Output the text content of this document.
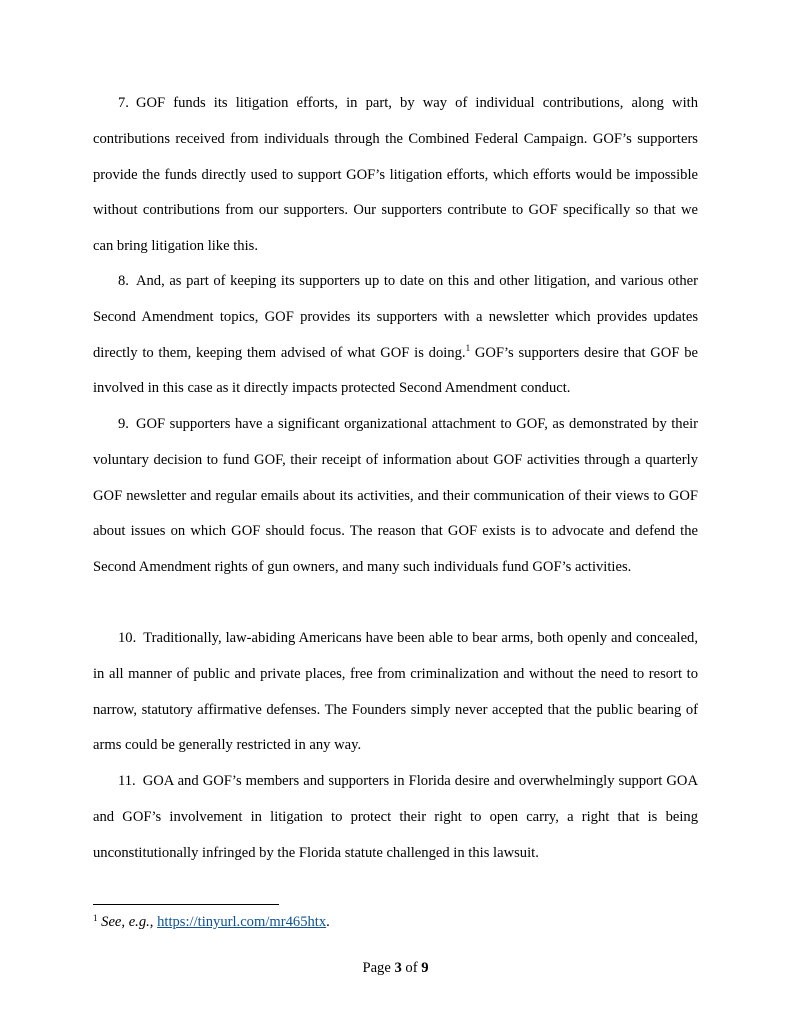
7. GOF funds its litigation efforts, in part, by way of individual contributions, along with contributions received from individuals through the Combined Federal Campaign. GOF’s supporters provide the funds directly used to support GOF’s litigation efforts, which efforts would be impossible without contributions from our supporters. Our supporters contribute to GOF specifically so that we can bring litigation like this.

8. And, as part of keeping its supporters up to date on this and other litigation, and various other Second Amendment topics, GOF provides its supporters with a newsletter which provides updates directly to them, keeping them advised of what GOF is doing.$^1$ GOF’s supporters desire that GOF be involved in this case as it directly impacts protected Second Amendment conduct.

9. GOF supporters have a significant organizational attachment to GOF, as demonstrated by their voluntary decision to fund GOF, their receipt of information about GOF activities through a quarterly GOF newsletter and regular emails about its activities, and their communication of their views to GOF about issues on which GOF should focus. The reason that GOF exists is to advocate and defend the Second Amendment rights of gun owners, and many such individuals fund GOF’s activities.

10. Traditionally, law-abiding Americans have been able to bear arms, both openly and concealed, in all manner of public and private places, free from criminalization and without the need to resort to narrow, statutory affirmative defenses. The Founders simply never accepted that the public bearing of arms could be generally restricted in any way.

11. GOA and GOF’s members and supporters in Florida desire and overwhelmingly support GOA and GOF’s involvement in litigation to protect their right to open carry, a right that is being unconstitutionally infringed by the Florida statute challenged in this lawsuit.

$^1$ See, e.g., https://tinyurl.com/mr465htx.

Page 3 of 9
